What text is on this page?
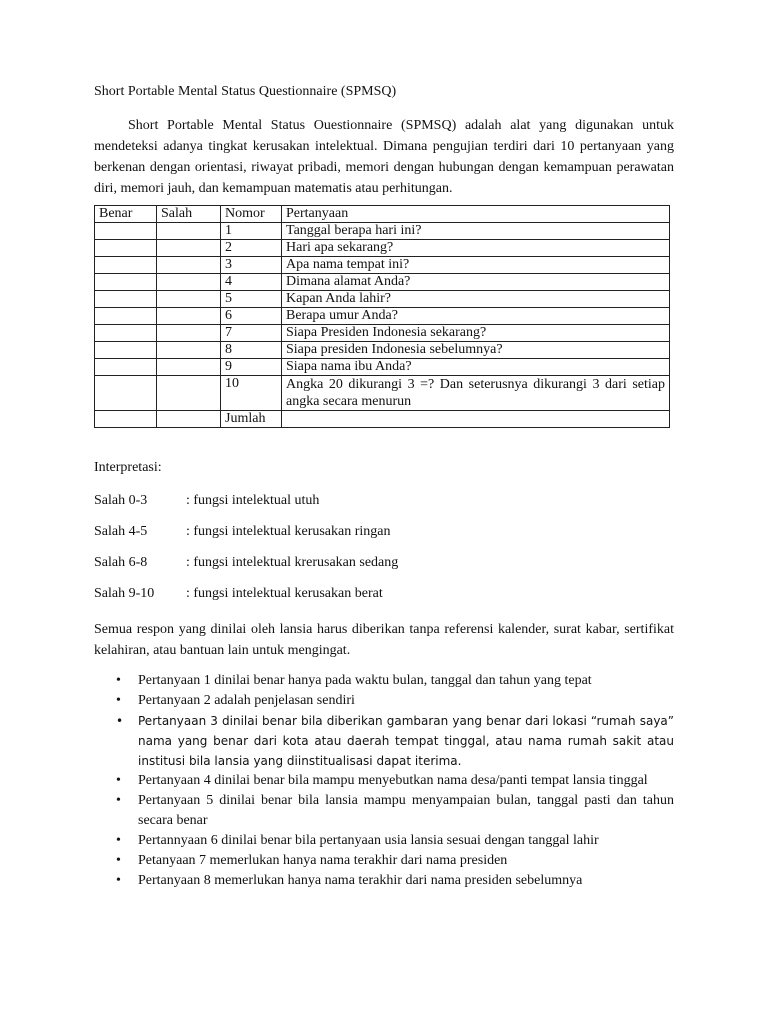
Short Portable Mental Status Questionnaire (SPMSQ)

Short Portable Mental Status Ouestionnaire (SPMSQ) adalah alat yang digunakan untuk mendeteksi adanya tingkat kerusakan intelektual. Dimana pengujian terdiri dari 10 pertanyaan yang berkenan dengan orientasi, riwayat pribadi, memori dengan hubungan dengan kemampuan perawatan diri, memori jauh, dan kemampuan matematis atau perhitungan.

Benar	Salah	Nomor	Pertanyaan
		1	Tanggal berapa hari ini?
		2	Hari apa sekarang?
		3	Apa nama tempat ini?
		4	Dimana alamat Anda?
		5	Kapan Anda lahir?
		6	Berapa umur Anda?
		7	Siapa Presiden Indonesia sekarang?
		8	Siapa presiden Indonesia sebelumnya?
		9	Siapa nama ibu Anda?
		10	Angka 20 dikurangi 3 =? Dan seterusnya dikurangi 3 dari setiap angka secara menurun
		Jumlah	

Interpretasi:

Salah 0-3	: fungsi intelektual utuh
Salah 4-5	: fungsi intelektual kerusakan ringan
Salah 6-8	: fungsi intelektual krerusakan sedang
Salah 9-10	: fungsi intelektual kerusakan berat

Semua respon yang dinilai oleh lansia harus diberikan tanpa referensi kalender, surat kabar, sertifikat kelahiran, atau bantuan lain untuk mengingat.

• Pertanyaan 1 dinilai benar hanya pada waktu bulan, tanggal dan tahun yang tepat
• Pertanyaan 2 adalah penjelasan sendiri
• Pertanyaan 3 dinilai benar bila diberikan gambaran yang benar dari lokasi “rumah saya” nama yang benar dari kota atau daerah tempat tinggal, atau nama rumah sakit atau institusi bila lansia yang diinstitualisasi dapat iterima.
• Pertanyaan 4 dinilai benar bila mampu menyebutkan nama desa/panti tempat lansia tinggal
• Pertanyaan 5 dinilai benar bila lansia mampu menyampaian bulan, tanggal pasti dan tahun secara benar
• Pertannyaan 6 dinilai benar bila pertanyaan usia lansia sesuai dengan tanggal lahir
• Petanyaan 7 memerlukan hanya nama terakhir dari nama presiden
• Pertanyaan 8 memerlukan hanya nama terakhir dari nama presiden sebelumnya
